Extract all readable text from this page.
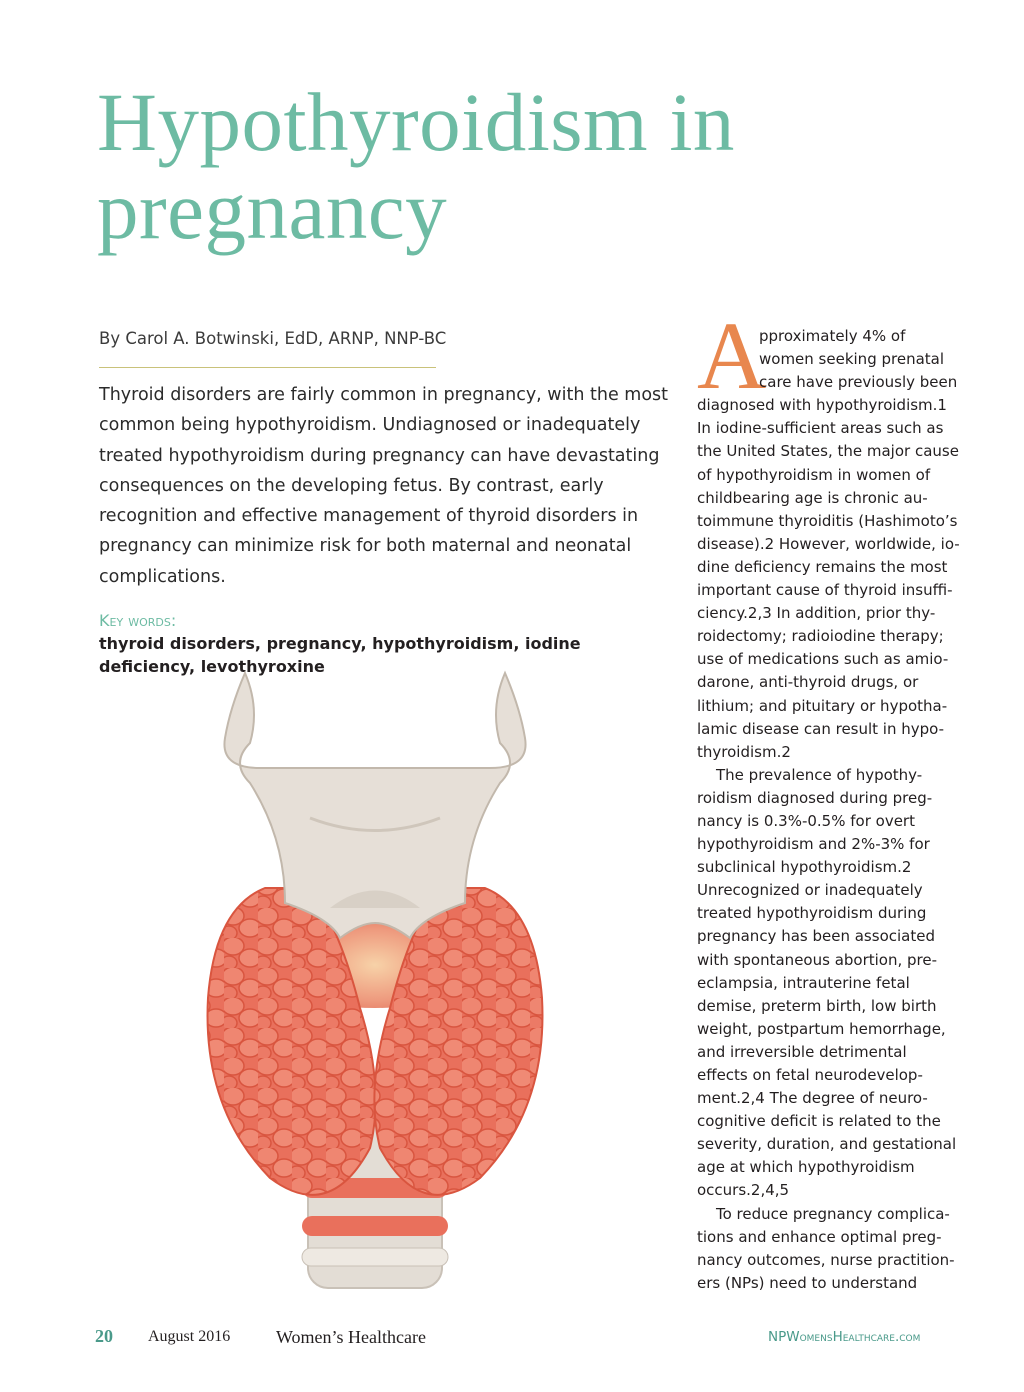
Hypothyroidism in
pregnancy
By Carol A. Botwinski, EdD, ARNP, NNP-BC
Thyroid disorders are fairly common in pregnancy, with the most
common being hypothyroidism. Undiagnosed or inadequately
treated hypothyroidism during pregnancy can have devastating
consequences on the developing fetus. By contrast, early
recognition and effective management of thyroid disorders in
pregnancy can minimize risk for both maternal and neonatal
complications.
Key words:
thyroid disorders, pregnancy, hypothyroidism, iodine
deficiency, levothyroxine
A
pproximately 4% of
women seeking prenatal
care have previously been
diagnosed with hypothyroidism.1
In iodine-sufficient areas such as
the United States, the major cause
of hypothyroidism in women of
childbearing age is chronic au-
toimmune thyroiditis (Hashimoto’s
disease).2 However, worldwide, io-
dine deficiency remains the most
important cause of thyroid insuffi-
ciency.2,3 In addition, prior thy-
roidectomy; radioiodine therapy;
use of medications such as amio-
darone, anti-thyroid drugs, or
lithium; and pituitary or hypotha-
lamic disease can result in hypo-
thyroidism.2
The prevalence of hypothy-
roidism diagnosed during preg-
nancy is 0.3%-0.5% for overt
hypothyroidism and 2%-3% for
subclinical hypothyroidism.2
Unrecognized or inadequately
treated hypothyroidism during
pregnancy has been associated
with spontaneous abortion, pre-
eclampsia, intrauterine fetal
demise, preterm birth, low birth
weight, postpartum hemorrhage,
and irreversible detrimental
effects on fetal neurodevelop-
ment.2,4 The degree of neuro-
cognitive deficit is related to the
severity, duration, and gestational
age at which hypothyroidism
occurs.2,4,5
To reduce pregnancy complica-
tions and enhance optimal preg-
nancy outcomes, nurse practition-
ers (NPs) need to understand
20 August 2016	Women’s Healthcare	NPWomensHealthcare.com
